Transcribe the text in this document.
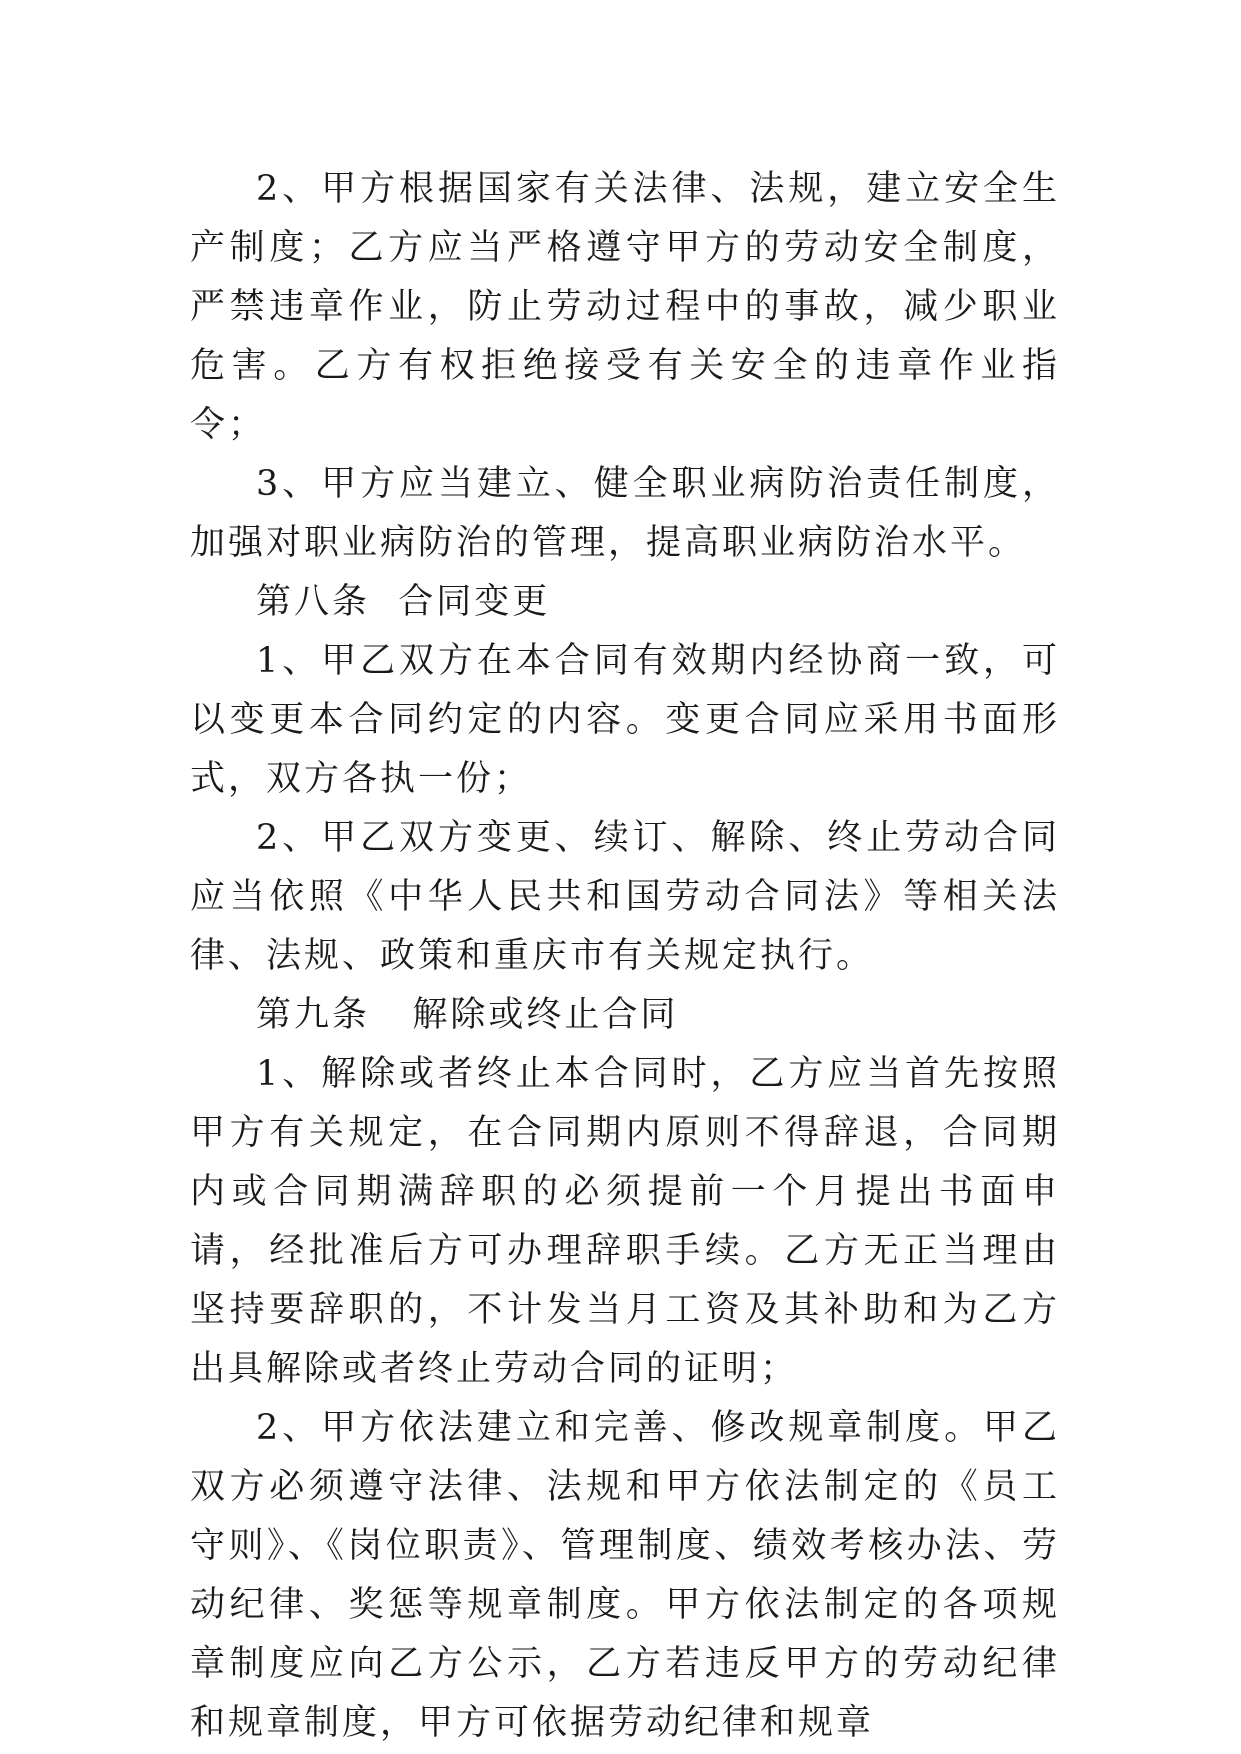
2、甲方根据国家有关法律、法规，建立安全生产制度；乙方应当严格遵守甲方的劳动安全制度，严禁违章作业，防止劳动过程中的事故，减少职业危害。乙方有权拒绝接受有关安全的违章作业指令；

3、甲方应当建立、健全职业病防治责任制度，加强对职业病防治的管理，提高职业病防治水平。

第八条  合同变更

1、甲乙双方在本合同有效期内经协商一致，可以变更本合同约定的内容。变更合同应采用书面形式，双方各执一份；

2、甲乙双方变更、续订、解除、终止劳动合同应当依照《中华人民共和国劳动合同法》等相关法律、法规、政策和重庆市有关规定执行。

第九条   解除或终止合同

1、解除或者终止本合同时，乙方应当首先按照甲方有关规定，在合同期内原则不得辞退，合同期内或合同期满辞职的必须提前一个月提出书面申请，经批准后方可办理辞职手续。乙方无正当理由坚持要辞职的，不计发当月工资及其补助和为乙方出具解除或者终止劳动合同的证明；

2、甲方依法建立和完善、修改规章制度。甲乙双方必须遵守法律、法规和甲方依法制定的《员工守则》、《岗位职责》、管理制度、绩效考核办法、劳动纪律、奖惩等规章制度。甲方依法制定的各项规章制度应向乙方公示，乙方若违反甲方的劳动纪律和规章制度，甲方可依据劳动纪律和规章
